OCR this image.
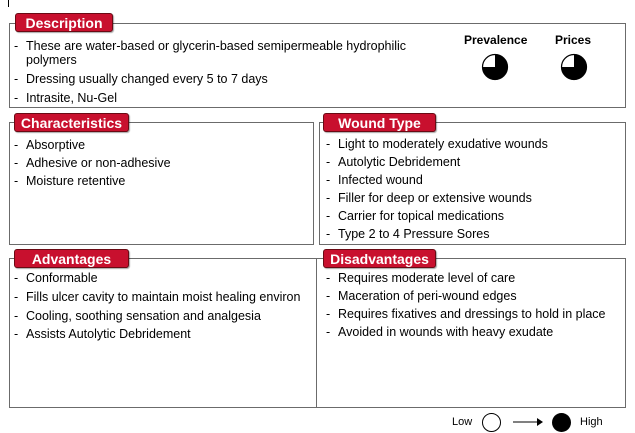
Description
- These are water-based or glycerin-based semipermeable hydrophilic polymers
- Dressing usually changed every 5 to 7 days
- Intrasite, Nu-Gel
Prevalence Prices
Characteristics
- Absorptive
- Adhesive or non-adhesive
- Moisture retentive
Wound Type
- Light to moderately exudative wounds
- Autolytic Debridement
- Infected wound
- Filler for deep or extensive wounds
- Carrier for topical medications
- Type 2 to 4 Pressure Sores
Advantages	Disadvantages
- Conformable
- Fills ulcer cavity to maintain moist healing environ
- Cooling, soothing sensation and analgesia
- Assists Autolytic Debridement
- Requires moderate level of care
- Maceration of peri-wound edges
- Requires fixatives and dressings to hold in place
- Avoided in wounds with heavy exudate
Low	High
